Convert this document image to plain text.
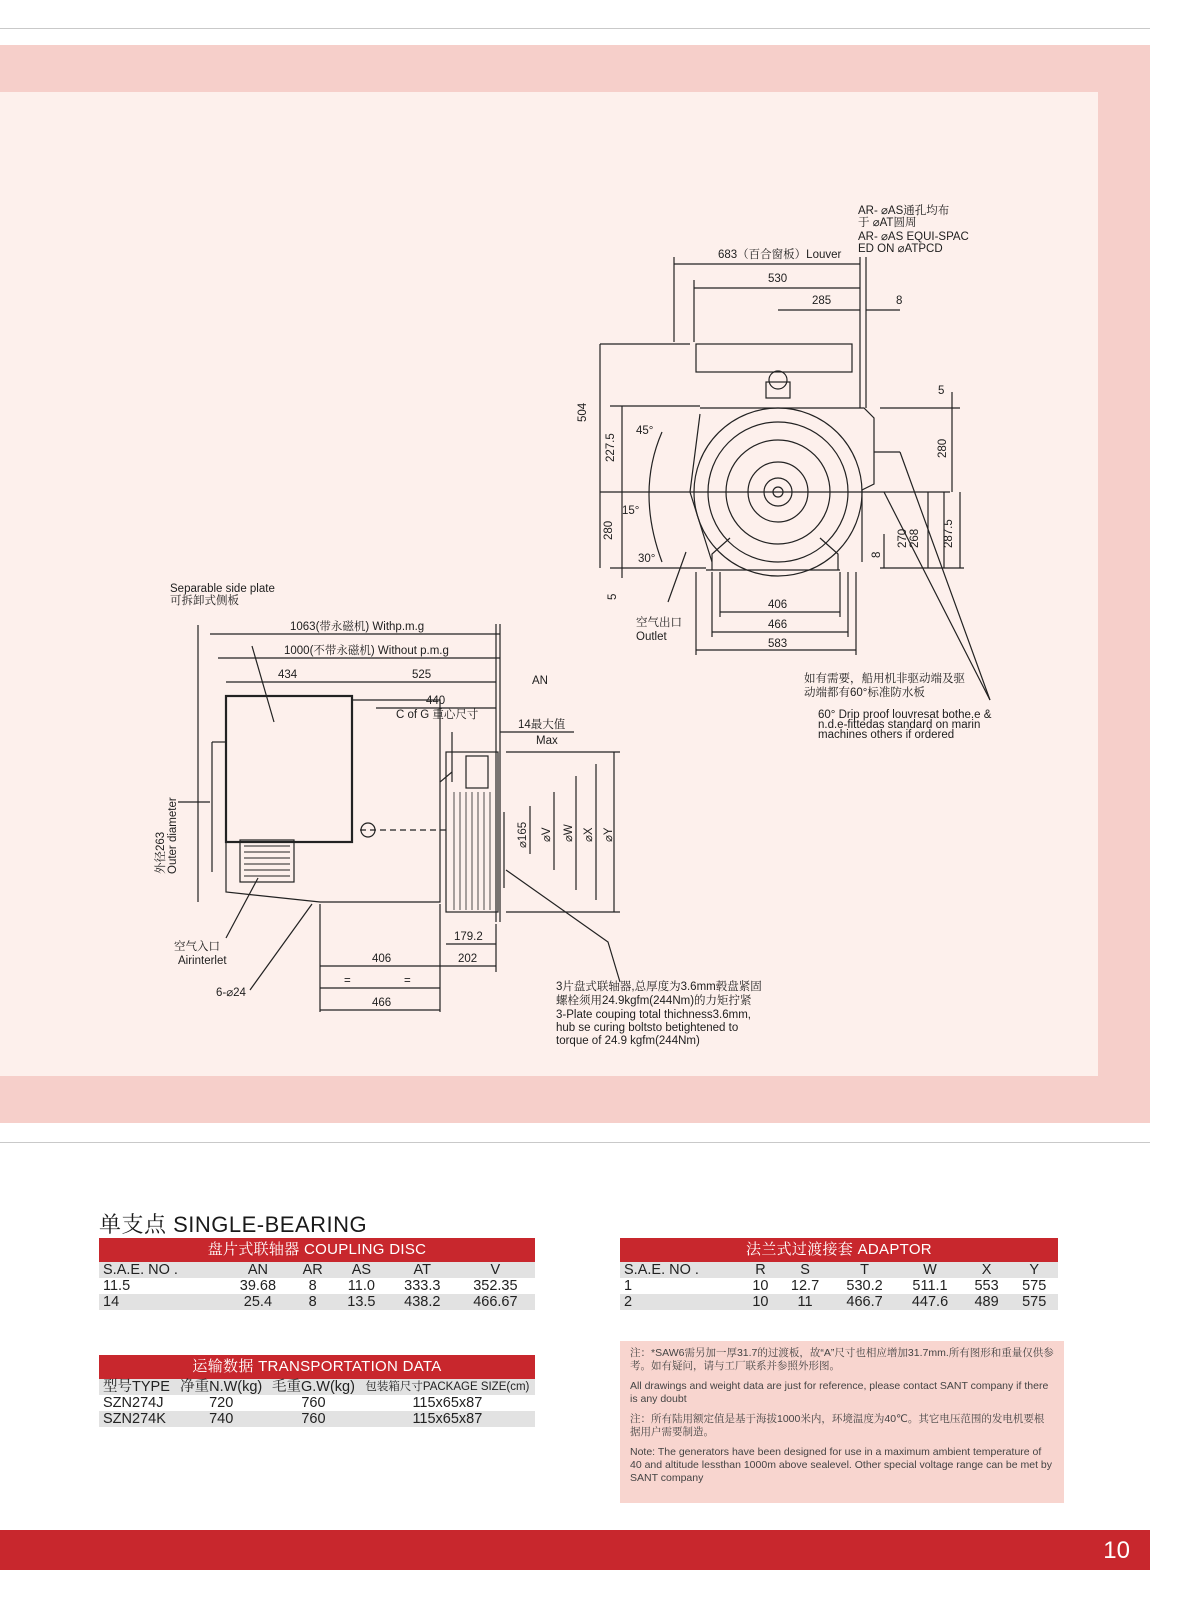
683（百合窗板）Louver
530
285	8
AR- ⌀AS通孔均布
于 ⌀AT圆周
AR- ⌀AS EQUI-SPAC
ED ON ⌀ATPCD
504
227.5
280
5
5
280
270 268 287.5
8
45°
15°
30°
406
466
583
空气出口
Outlet
如有需要，船用机非驱动端及驱
动端都有60°标准防水板
60° Drip proof louvresat bothe.e &
n.d.e-fittedas standard on marin
machines others if ordered
Separable side plate
可拆卸式侧板
1063(带永磁机) Withp.m.g
1000(不带永磁机) Without p.m.g
434	525	AN
440
C of G 重心尺寸
14最大值
Max
外径263 Outer diameter	⌀165 ⌀V ⌀W ⌀X ⌀Y
空气入口
Airinterlet
179.2
406	202
=	=
466
6-⌀24	3片盘式联轴器,总厚度为3.6mm毂盘紧固
螺栓须用24.9kgfm(244Nm)的力矩拧紧
3-Plate couping total thichness3.6mm,
hub se curing boltsto betightened to
torque of 24.9 kgfm(244Nm)
单支点 SINGLE-BEARING
盘片式联轴器 COUPLING DISC
S.A.E. NO .	AN	AR	AS	AT	V
11.5	39.68	8	11.0	333.3	352.35
14	25.4	8	13.5	438.2	466.67
法兰式过渡接套 ADAPTOR
S.A.E. NO .	R	S	T	W	X	Y
1	10	12.7	530.2	511.1	553	575
2	10	11	466.7	447.6	489	575
运输数据 TRANSPORTATION DATA
型号TYPE	净重N.W(kg)	毛重G.W(kg)	包装箱尺寸PACKAGE SIZE(cm)
SZN274J	720	760	115x65x87
SZN274K	740	760	115x65x87

注：*SAW6需另加一厚31.7的过渡板，故“A”尺寸也相应增加31.7mm.所有图形和重量仅供参考。如有疑问，请与工厂联系并参照外形图。

All drawings and weight data are just for reference, please contact SANT company if there is any doubt

注：所有陆用额定值是基于海拔1000米内，环境温度为40℃。其它电压范围的发电机要根据用户需要制造。

Note: The generators have been designed for use in a maximum ambient temperature of 40 and altitude lessthan 1000m above sealevel. Other special voltage range can be met by SANT company

10
